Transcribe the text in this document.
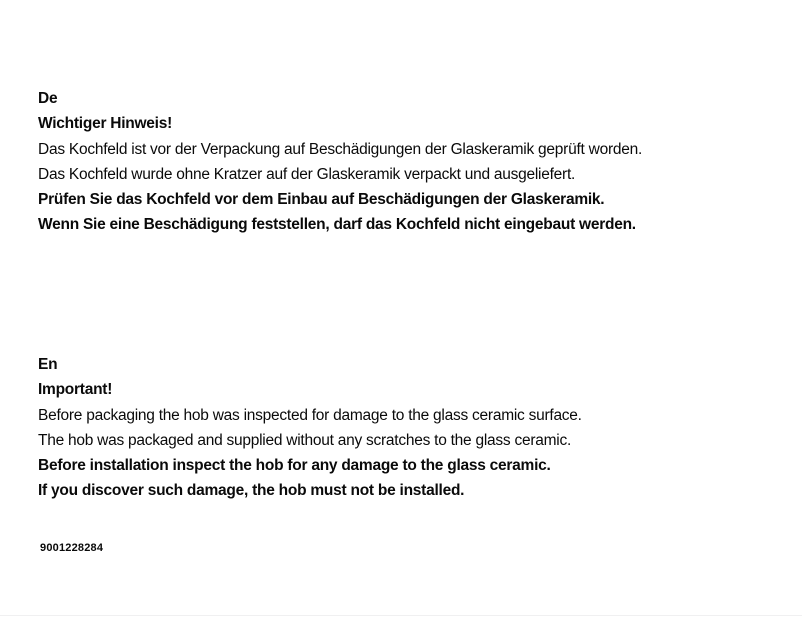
De

Wichtiger Hinweis!

Das Kochfeld ist vor der Verpackung auf Beschädigungen der Glaskeramik geprüft worden.

Das Kochfeld wurde ohne Kratzer auf der Glaskeramik verpackt und ausgeliefert.

Prüfen Sie das Kochfeld vor dem Einbau auf Beschädigungen der Glaskeramik.

Wenn Sie eine Beschädigung feststellen, darf das Kochfeld nicht eingebaut werden.

En

Important!

Before packaging the hob was inspected for damage to the glass ceramic surface.

The hob was packaged and supplied without any scratches to the glass ceramic.

Before installation inspect the hob for any damage to the glass ceramic.

If you discover such damage, the hob must not be installed.

9001228284
